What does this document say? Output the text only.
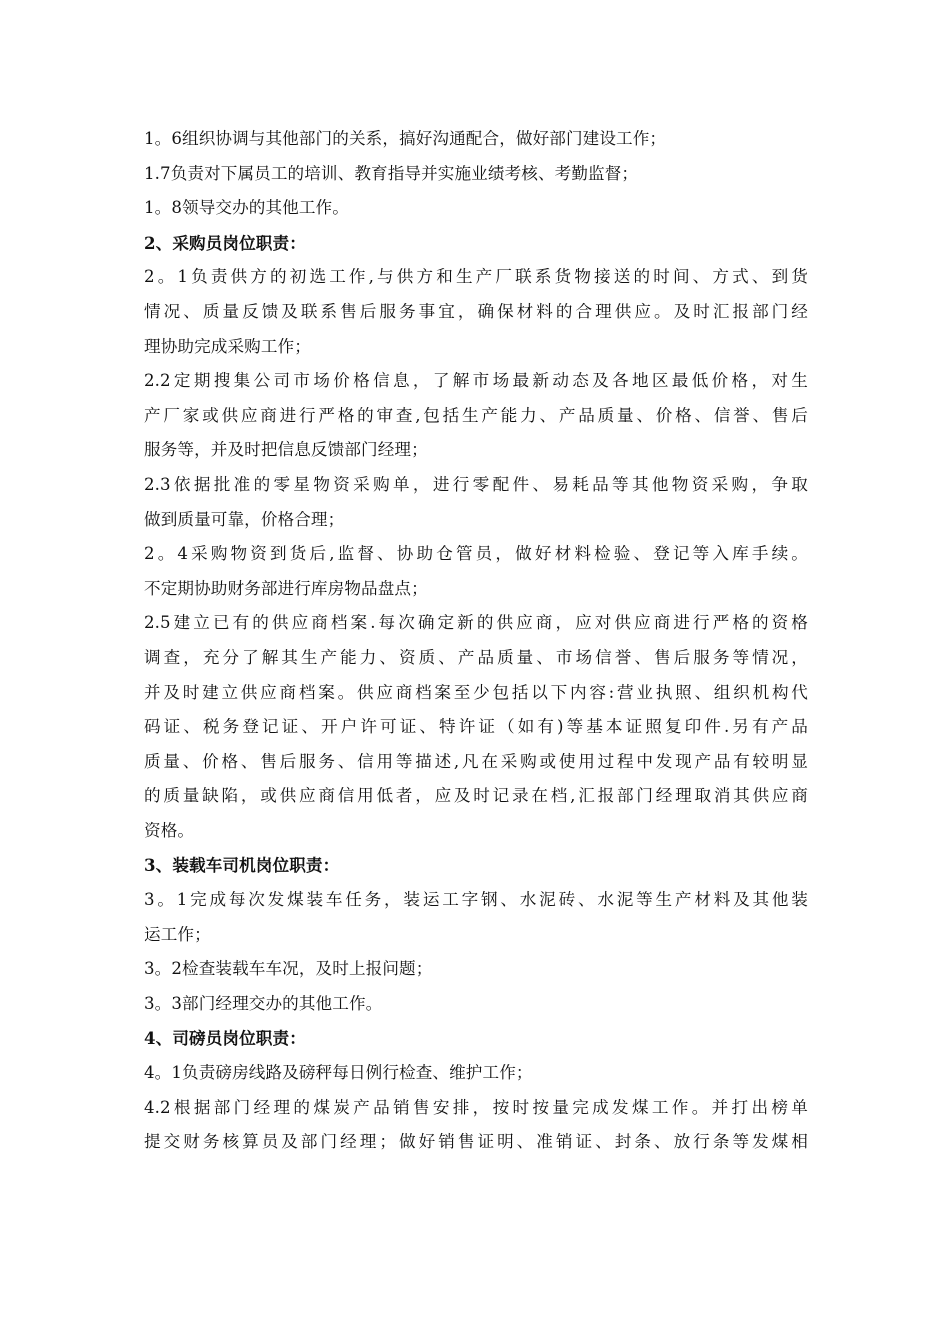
1。6组织协调与其他部门的关系，搞好沟通配合，做好部门建设工作；
1.7负责对下属员工的培训、教育指导并实施业绩考核、考勤监督；
1。8领导交办的其他工作。
2、采购员岗位职责：
2。1负责供方的初选工作,与供方和生产厂联系货物接送的时间、方式、到货
情况、质量反馈及联系售后服务事宜，确保材料的合理供应。及时汇报部门经
理协助完成采购工作；
2.2定期搜集公司市场价格信息，了解市场最新动态及各地区最低价格，对生
产厂家或供应商进行严格的审查,包括生产能力、产品质量、价格、信誉、售后
服务等，并及时把信息反馈部门经理；
2.3依据批准的零星物资采购单，进行零配件、易耗品等其他物资采购，争取
做到质量可靠，价格合理；
2。4采购物资到货后,监督、协助仓管员，做好材料检验、登记等入库手续。
不定期协助财务部进行库房物品盘点；
2.5建立已有的供应商档案.每次确定新的供应商，应对供应商进行严格的资格
调查，充分了解其生产能力、资质、产品质量、市场信誉、售后服务等情况，
并及时建立供应商档案。供应商档案至少包括以下内容:营业执照、组织机构代
码证、税务登记证、开户许可证、特许证（如有)等基本证照复印件.另有产品
质量、价格、售后服务、信用等描述,凡在采购或使用过程中发现产品有较明显
的质量缺陷，或供应商信用低者，应及时记录在档,汇报部门经理取消其供应商
资格。
3、装载车司机岗位职责：
3。1完成每次发煤装车任务，装运工字钢、水泥砖、水泥等生产材料及其他装
运工作；
3。2检查装载车车况，及时上报问题；
3。3部门经理交办的其他工作。
4、司磅员岗位职责：
4。1负责磅房线路及磅秤每日例行检查、维护工作；
4.2根据部门经理的煤炭产品销售安排，按时按量完成发煤工作。并打出榜单
提交财务核算员及部门经理；做好销售证明、准销证、封条、放行条等发煤相
